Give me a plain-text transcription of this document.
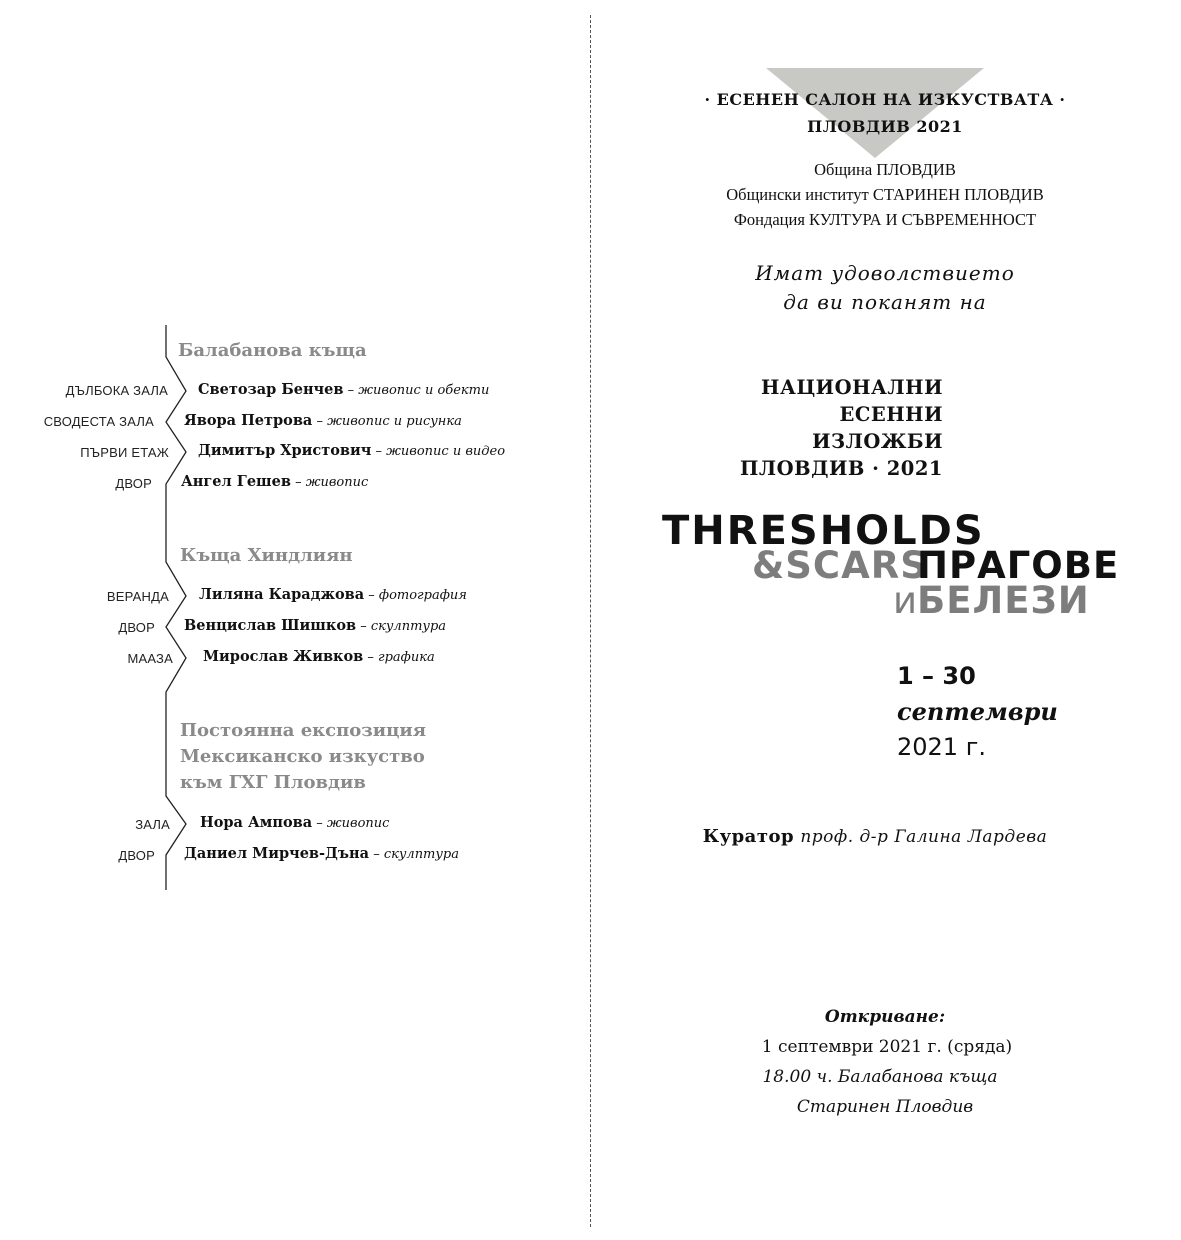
Балабанова къща
ДЪЛБОКА ЗАЛА Светозар Бенчев – живопис и обекти
СВОДЕСТА ЗАЛА Явора Петрова – живопис и рисунка
ПЪРВИ ЕТАЖ Димитър Христович – живопис и видео
ДВОР Ангел Гешев – живопис
Къща Хиндлиян
ВЕРАНДА Лиляна Караджова – фотография
ДВОР Венцислав Шишков – скулптура
МААЗА Мирослав Живков – графика
Постоянна експозиция
Мексиканско изкуство
към ГХГ Пловдив
ЗАЛА Нора Ампова – живопис
ДВОР Даниел Мирчев-Дъна – скулптура
· ЕСЕНЕН САЛОН НА ИЗКУСТВАТА ·
ПЛОВДИВ 2021
Община ПЛОВДИВ
Общински институт СТАРИНЕН ПЛОВДИВ
Фондация КУЛТУРА И СЪВРЕМЕННОСТ
Имат удоволствието
да ви поканят на
НАЦИОНАЛНИ
ЕСЕННИ
ИЗЛОЖБИ
ПЛОВДИВ · 2021
THRESHOLDS
&SCARS
ПРАГОВЕ
и
БЕЛЕЗИ
1 – 30
септември
2021 г.
Куратор проф. д-р Галина Лардева
Откриване:
1 септември 2021 г. (сряда)
18.00 ч. Балабанова къща
Старинен Пловдив
